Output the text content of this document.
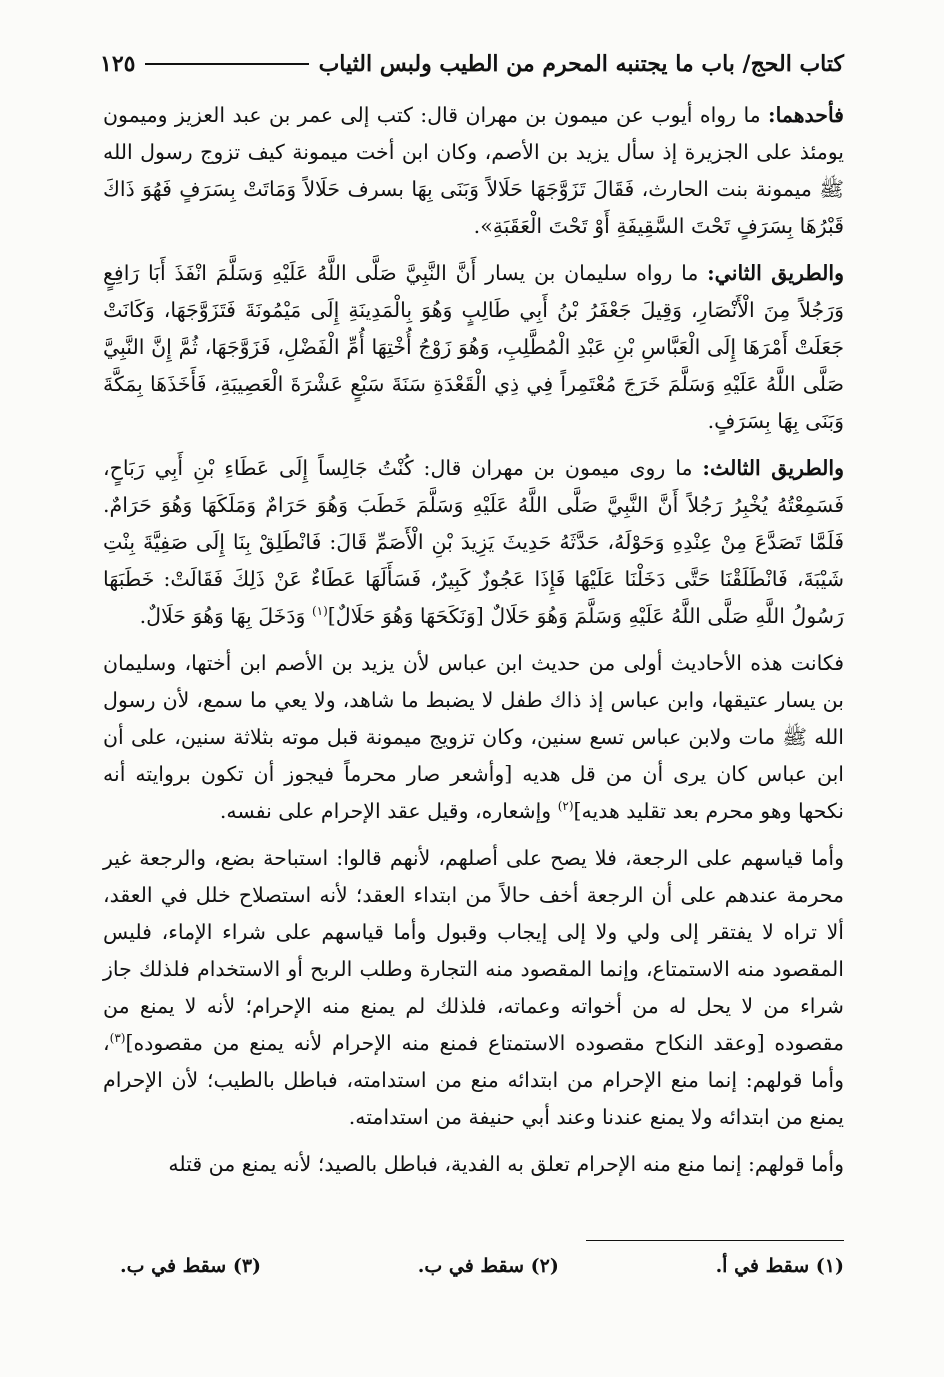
كتاب الحج/ باب ما يجتنبه المحرم من الطيب ولبس الثياب
١٢٥

فأحدهما: ما رواه أيوب عن ميمون بن مهران قال: كتب إلى عمر بن عبد العزيز وميمون يومئذ على الجزيرة إذ سأل يزيد بن الأصم، وكان ابن أخت ميمونة كيف تزوج رسول الله ﷺ ميمونة بنت الحارث، فَقَالَ تَزَوَّجَهَا حَلَالاً وَبَنَى بِهَا بسرف حَلَالاً وَمَاتَتْ بِسَرَفٍ فَهُوَ ذَاكَ قَبْرُهَا بِسَرَفٍ تَحْتَ السَّقِيفَةِ أَوْ تَحْتَ الْعَقَبَةِ».

والطريق الثاني: ما رواه سليمان بن يسار أَنَّ النَّبِيَّ صَلَّى اللَّهُ عَلَيْهِ وَسَلَّمَ انْفَذَ أَبَا رَافِعٍ وَرَجُلاً مِنَ الْأَنْصَارِ، وَقِيلَ جَعْفَرُ بْنُ أَبِي طَالِبٍ وَهُوَ بِالْمَدِينَةِ إِلَى مَيْمُونَةَ فَتَزَوَّجَهَا، وَكَانَتْ جَعَلَتْ أَمْرَهَا إِلَى الْعَبَّاسِ بْنِ عَبْدِ الْمُطَّلِبِ، وَهُوَ زَوْجُ أُخْتِهَا أُمِّ الْفَضْلِ، فَزَوَّجَهَا، ثُمَّ إِنَّ النَّبِيَّ صَلَّى اللَّهُ عَلَيْهِ وَسَلَّمَ خَرَجَ مُعْتَمِراً فِي ذِي الْقَعْدَةِ سَنَةَ سَبْعٍ عَشْرَةَ الْعَصِيبَةِ، فَأَخَذَهَا بِمَكَّةَ وَبَنَى بِهَا بِسَرَفٍ.

والطريق الثالث: ما روى ميمون بن مهران قال: كُنْتُ جَالِساً إِلَى عَطَاءِ بْنِ أَبِي رَبَاحٍ، فَسَمِعْتُهُ يُخْبِرُ رَجُلاً أَنَّ النَّبِيَّ صَلَّى اللَّهُ عَلَيْهِ وَسَلَّمَ خَطَبَ وَهُوَ حَرَامٌ وَمَلَكَهَا وَهُوَ حَرَامٌ. فَلَمَّا تَصَدَّعَ مِنْ عِنْدِهِ وَحَوْلَهُ، حَدَّثَهُ حَدِيثَ يَزِيدَ بْنِ الْأَصَمِّ قَالَ: فَانْطَلِقْ بِنَا إِلَى صَفِيَّةَ بِنْتِ شَيْبَةَ، فَانْطَلَقْنَا حَتَّى دَخَلْنَا عَلَيْهَا فَإِذَا عَجُوزٌ كَبِيرٌ، فَسَأَلَهَا عَطَاءٌ عَنْ ذَلِكَ فَقَالَتْ: خَطَبَهَا رَسُولُ اللَّهِ صَلَّى اللَّهُ عَلَيْهِ وَسَلَّمَ وَهُوَ حَلَالٌ [وَنَكَحَهَا وَهُوَ حَلَالٌ]$^{(١)}$ وَدَخَلَ بِهَا وَهُوَ حَلَالٌ.

فكانت هذه الأحاديث أولى من حديث ابن عباس لأن يزيد بن الأصم ابن أختها، وسليمان بن يسار عتيقها، وابن عباس إذ ذاك طفل لا يضبط ما شاهد، ولا يعي ما سمع، لأن رسول الله ﷺ مات ولابن عباس تسع سنين، وكان تزويج ميمونة قبل موته بثلاثة سنين، على أن ابن عباس كان يرى أن من قل هديه [وأشعر صار محرماً فيجوز أن تكون بروايته أنه نكحها وهو محرم بعد تقليد هديه]$^{(٢)}$ وإشعاره، وقيل عقد الإحرام على نفسه.

وأما قياسهم على الرجعة، فلا يصح على أصلهم، لأنهم قالوا: استباحة بضع، والرجعة غير محرمة عندهم على أن الرجعة أخف حالاً من ابتداء العقد؛ لأنه استصلاح خلل في العقد، ألا تراه لا يفتقر إلى ولي ولا إلى إيجاب وقبول وأما قياسهم على شراء الإماء، فليس المقصود منه الاستمتاع، وإنما المقصود منه التجارة وطلب الربح أو الاستخدام فلذلك جاز شراء من لا يحل له من أخواته وعماته، فلذلك لم يمنع منه الإحرام؛ لأنه لا يمنع من مقصوده [وعقد النكاح مقصوده الاستمتاع فمنع منه الإحرام لأنه يمنع من مقصوده]$^{(٣)}$، وأما قولهم: إنما منع الإحرام من ابتدائه منع من استدامته، فباطل بالطيب؛ لأن الإحرام يمنع من ابتدائه ولا يمنع عندنا وعند أبي حنيفة من استدامته.

وأما قولهم: إنما منع منه الإحرام تعلق به الفدية، فباطل بالصيد؛ لأنه يمنع من قتله

(١) سقط في أ.
(٢) سقط في ب.
(٣) سقط في ب.
